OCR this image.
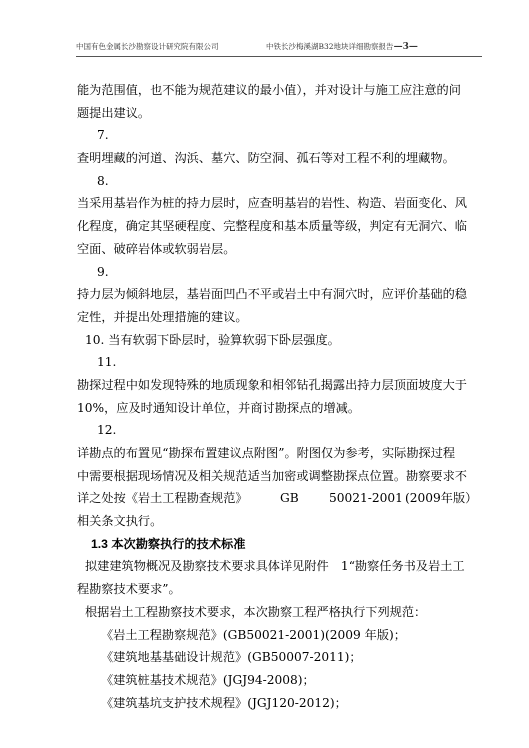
中国有色金属长沙勘察设计研究院有限公司	中铁长沙梅溪湖B32地块详细勘察报告—3—
能为范围值，也不能为规范建议的最小值），并对设计与施工应注意的问
题提出建议。
7.
查明埋藏的河道、沟浜、墓穴、防空洞、孤石等对工程不利的埋藏物。
8.
当采用基岩作为桩的持力层时，应查明基岩的岩性、构造、岩面变化、风
化程度，确定其坚硬程度、完整程度和基本质量等级，判定有无洞穴、临
空面、破碎岩体或软弱岩层。
9.
持力层为倾斜地层，基岩面凹凸不平或岩土中有洞穴时，应评价基础的稳
定性，并提出处理措施的建议。
10. 当有软弱下卧层时，验算软弱下卧层强度。
11.
勘探过程中如发现特殊的地质现象和相邻钻孔揭露出持力层顶面坡度大于
10%，应及时通知设计单位，并商讨勘探点的增减。
12.
详勘点的布置见“勘探布置建议点附图”。附图仅为参考，实际勘探过程
中需要根据现场情况及相关规范适当加密或调整勘探点位置。勘察要求不
详之处按《岩土工程勘查规范》	GB 50021-2001 (2009年版）
相关条文执行。
1.3 本次勘察执行的技术标准
拟建建筑物概况及勘察技术要求具体详见附件　1“勘察任务书及岩土工
程勘察技术要求”。
根据岩土工程勘察技术要求，本次勘察工程严格执行下列规范：
《岩土工程勘察规范》(GB50021-2001)(2009 年版)；
《建筑地基基础设计规范》(GB50007-2011)；
《建筑桩基技术规范》(JGJ94-2008)；
《建筑基坑支护技术规程》(JGJ120-2012)；
